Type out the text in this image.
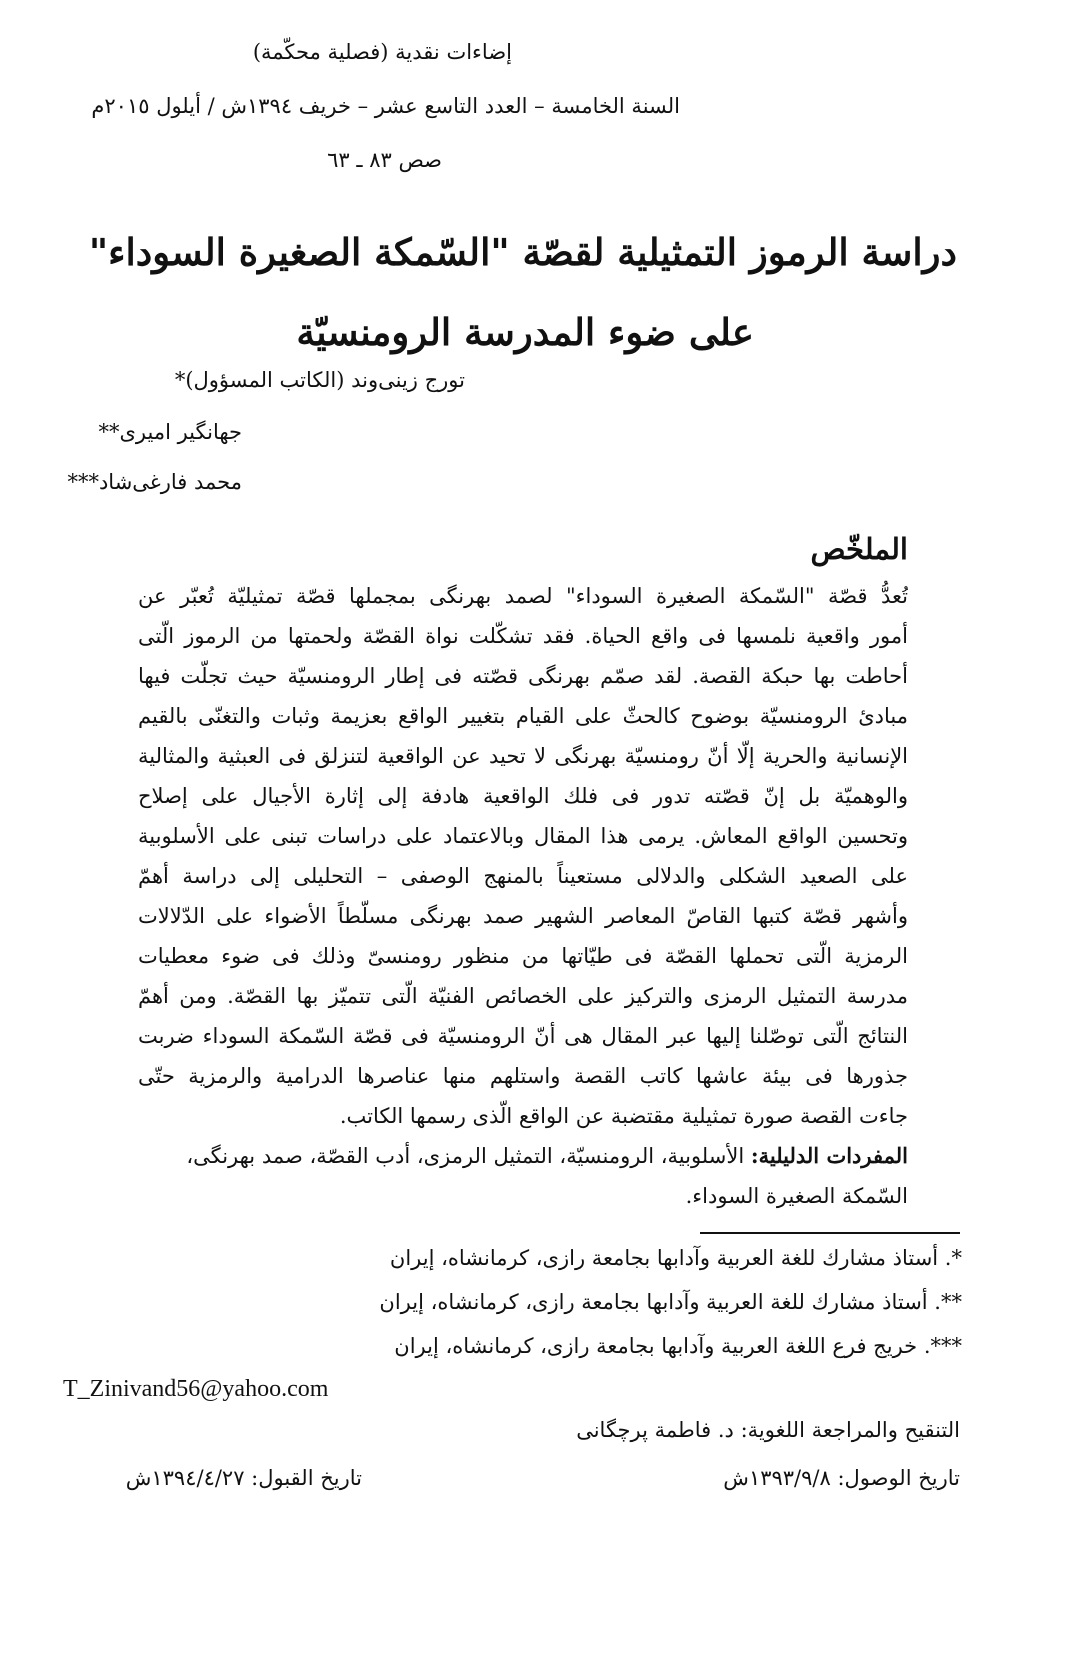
إضاءات نقدية (فصلية محكّمة)
السنة الخامسة – العدد التاسع عشر – خريف ١٣٩٤ش / أيلول ٢٠١٥م
صص ٨٣ ـ ٦٣
دراسة الرموز التمثيلية لقصّة "السّمكة الصغيرة السوداء"
على ضوء المدرسة الرومنسيّة
تورج زينی‌وند (الكاتب المسؤول)*
جهانگير اميری**
محمد فارغی‌شاد***
الملخّص
تُعدُّ قصّة "السّمكة الصغيرة السوداء" لصمد بهرنگى بمجملها قصّة تمثيليّة تُعبّر عن
أمور واقعية نلمسها فى واقع الحياة. فقد تشكّلت نواة القصّة ولحمتها من الرموز الّتى
أحاطت بها حبكة القصة. لقد صمّم بهرنگى قصّته فى إطار الرومنسيّة حيث تجلّت فيها
مبادئ الرومنسيّة بوضوح كالحثّ على القيام بتغيير الواقع بعزيمة وثبات والتغنّى بالقيم
الإنسانية والحرية إلّا أنّ رومنسيّة بهرنگى لا تحيد عن الواقعية لتنزلق فى العبثية والمثالية
والوهميّة بل إنّ قصّته تدور فى فلك الواقعية هادفة إلى إثارة الأجيال على إصلاح
وتحسين الواقع المعاش. يرمى هذا المقال وبالاعتماد على دراسات تبنى على الأسلوبية
على الصعيد الشكلى والدلالى مستعيناً بالمنهج الوصفى – التحليلى إلى دراسة أهمّ
وأشهر قصّة كتبها القاصّ المعاصر الشهير صمد بهرنگى مسلّطاً الأضواء على الدّلالات
الرمزية الّتى تحملها القصّة فى طيّاتها من منظور رومنسىّ وذلك فى ضوء معطيات
مدرسة التمثيل الرمزى والتركيز على الخصائص الفنيّة الّتى تتميّز بها القصّة. ومن أهمّ
النتائج الّتى توصّلنا إليها عبر المقال هى أنّ الرومنسيّة فى قصّة السّمكة السوداء ضربت
جذورها فى بيئة عاشها كاتب القصة واستلهم منها عناصرها الدرامية والرمزية حتّى
جاءت القصة صورة تمثيلية مقتضبة عن الواقع الّذى رسمها الكاتب.
المفردات الدليلية: الأسلوبية، الرومنسيّة، التمثيل الرمزى، أدب القصّة، صمد بهرنگى،
السّمكة الصغيرة السوداء.
*. أستاذ مشارك للغة العربية وآدابها بجامعة رازى، كرمانشاه، إيران
**. أستاذ مشارك للغة العربية وآدابها بجامعة رازى، كرمانشاه، إيران
***. خريج فرع اللغة العربية وآدابها بجامعة رازى، كرمانشاه، إيران
T_Zinivand56@yahoo.com
التنقيح والمراجعة اللغوية: د. فاطمة پرچگانی
تاريخ الوصول: ١٣٩٣/٩/٨ش
تاريخ القبول: ١٣٩٤/٤/٢٧ش
